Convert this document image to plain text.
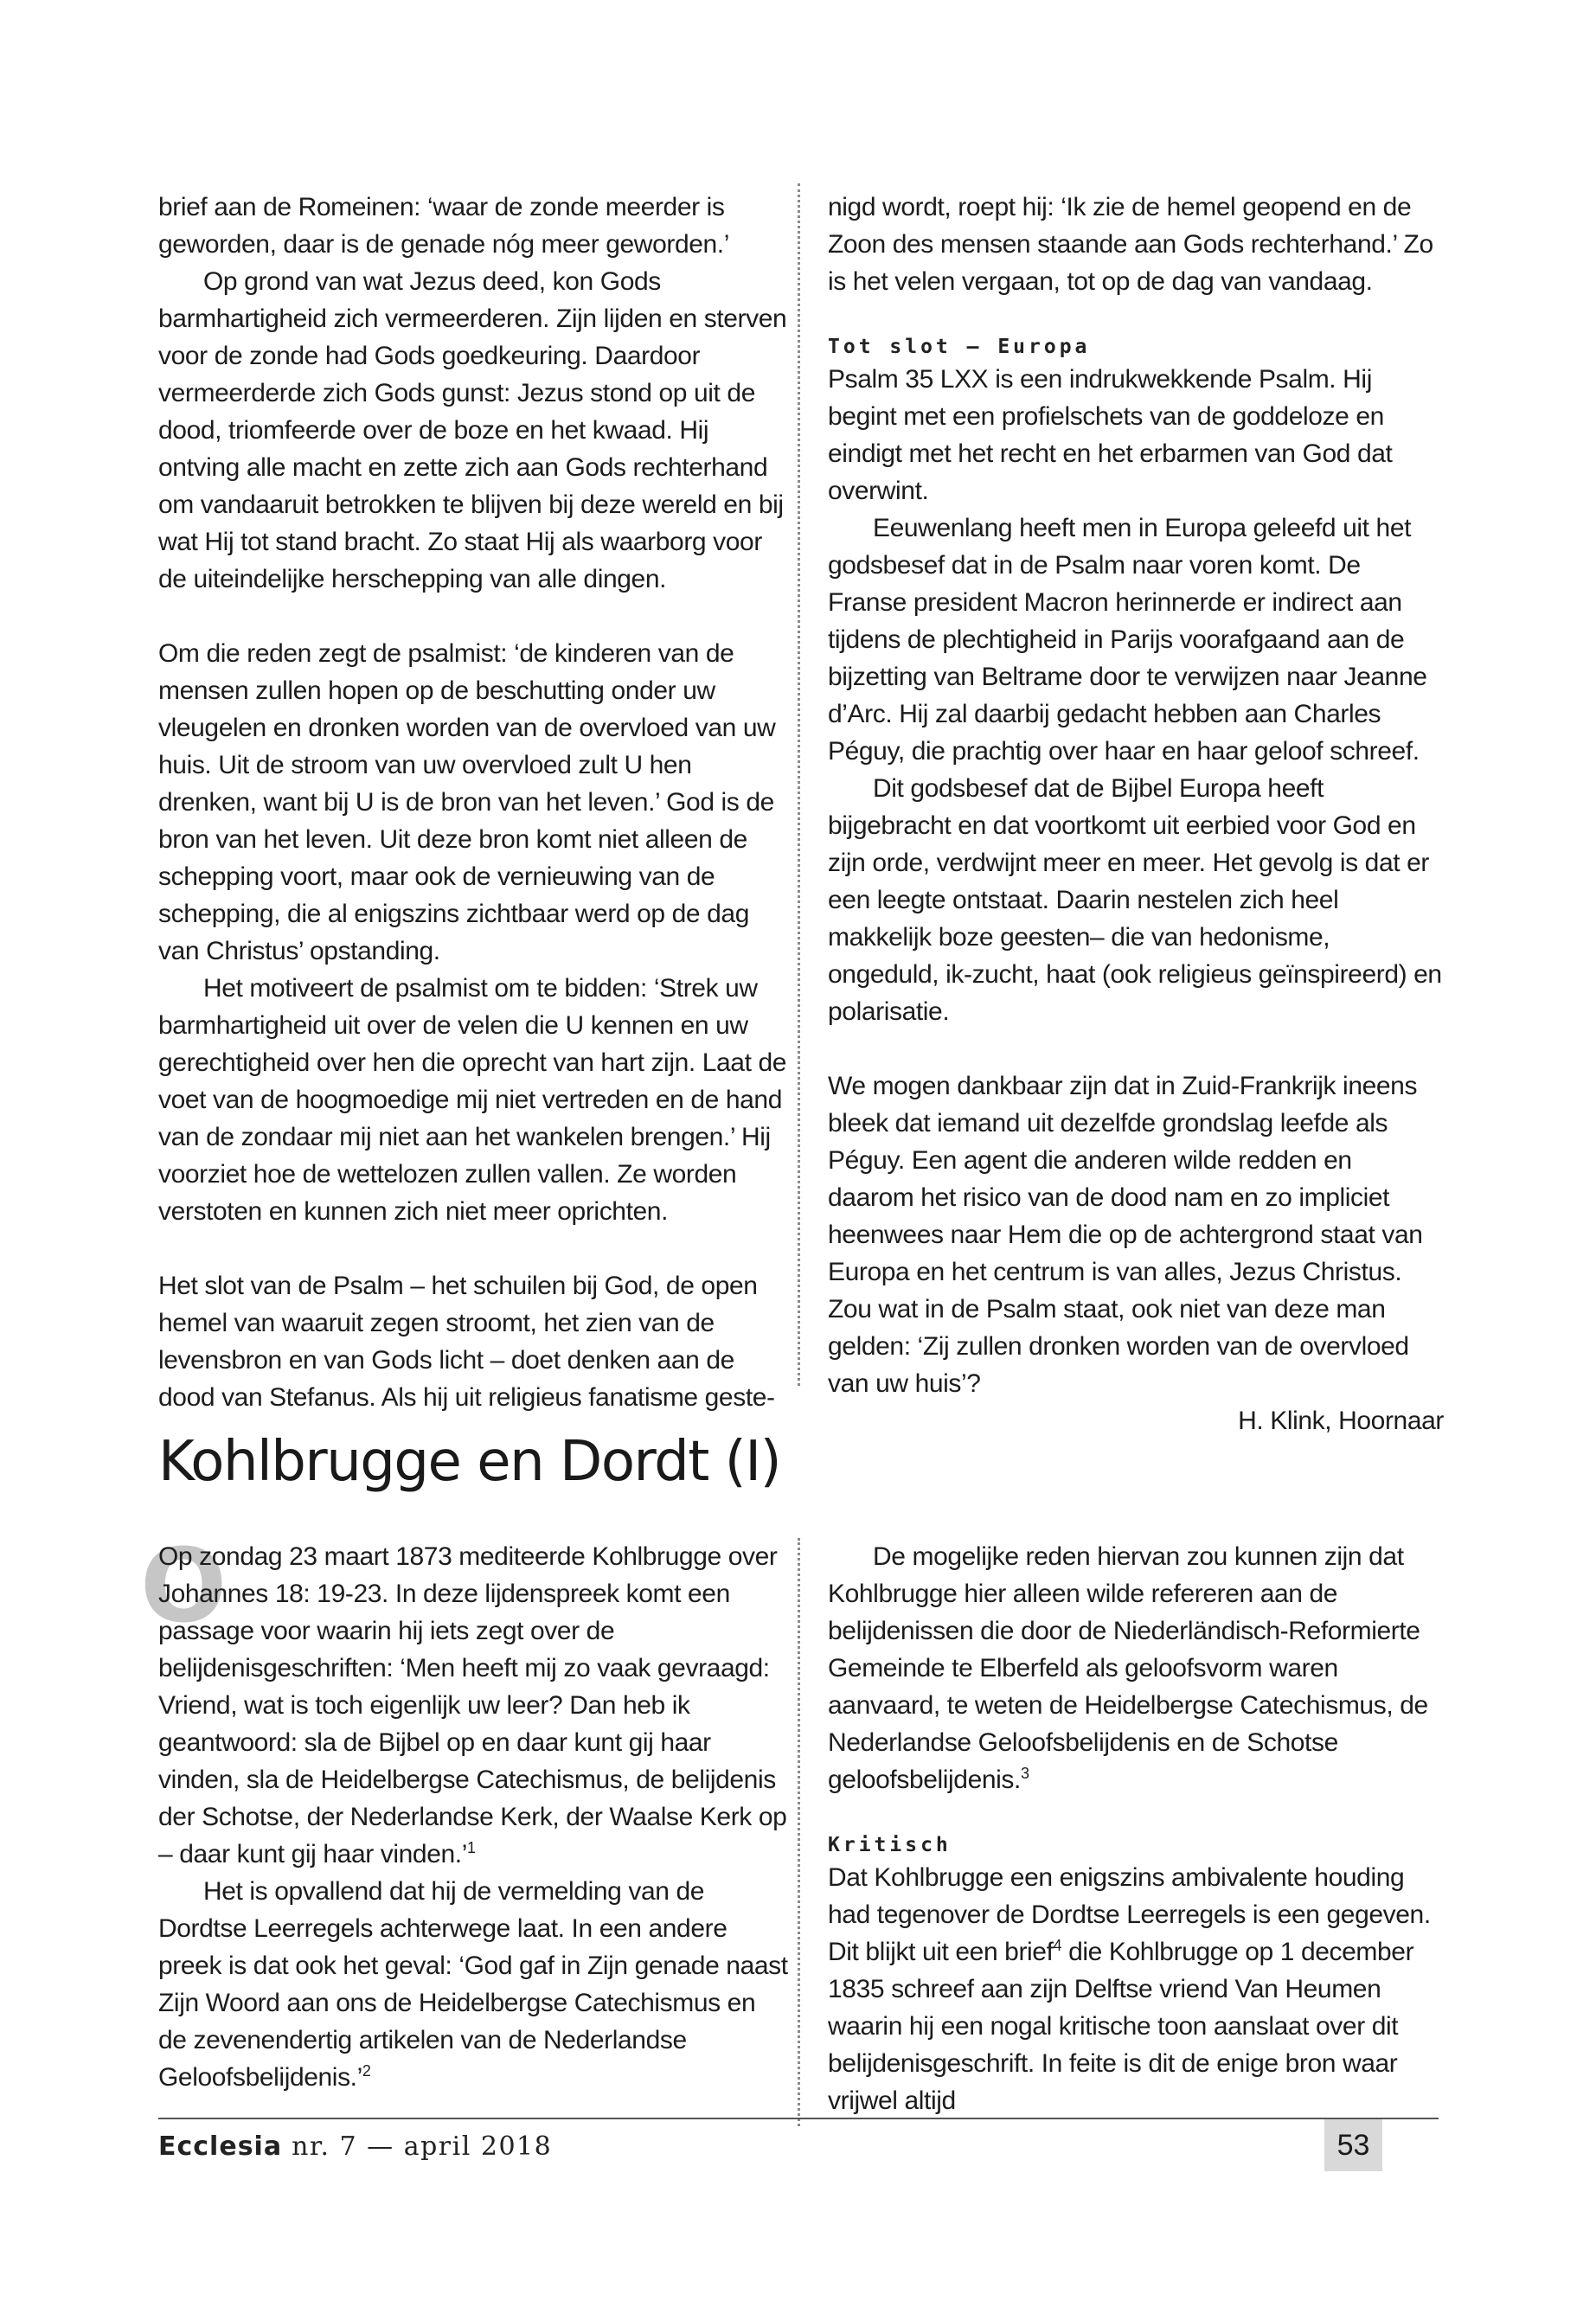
brief aan de Romeinen: ‘waar de zonde meerder is geworden, daar is de genade nóg meer geworden.’

Op grond van wat Jezus deed, kon Gods barmhartigheid zich vermeerderen. Zijn lijden en sterven voor de zonde had Gods goedkeuring. Daardoor vermeerderde zich Gods gunst: Jezus stond op uit de dood, triomfeerde over de boze en het kwaad. Hij ontving alle macht en zette zich aan Gods rechterhand om vandaaruit betrokken te blijven bij deze wereld en bij wat Hij tot stand bracht. Zo staat Hij als waarborg voor de uiteindelijke herschepping van alle dingen.

Om die reden zegt de psalmist: ‘de kinderen van de mensen zullen hopen op de beschutting onder uw vleugelen en dronken worden van de overvloed van uw huis. Uit de stroom van uw overvloed zult U hen drenken, want bij U is de bron van het leven.’ God is de bron van het leven. Uit deze bron komt niet alleen de schepping voort, maar ook de vernieuwing van de schepping, die al enigszins zichtbaar werd op de dag van Christus’ opstanding.

Het motiveert de psalmist om te bidden: ‘Strek uw barmhartigheid uit over de velen die U kennen en uw gerechtigheid over hen die oprecht van hart zijn. Laat de voet van de hoogmoedige mij niet vertreden en de hand van de zondaar mij niet aan het wankelen brengen.’ Hij voorziet hoe de wettelozen zullen vallen. Ze worden verstoten en kunnen zich niet meer oprichten.

Het slot van de Psalm – het schuilen bij God, de open hemel van waaruit zegen stroomt, het zien van de levensbron en van Gods licht – doet denken aan de dood van Stefanus. Als hij uit religieus fanatisme geste-

nigd wordt, roept hij: ‘Ik zie de hemel geopend en de Zoon des mensen staande aan Gods rechterhand.’ Zo is het velen vergaan, tot op de dag van vandaag.

Tot slot – Europa

Psalm 35 LXX is een indrukwekkende Psalm. Hij begint met een profielschets van de goddeloze en eindigt met het recht en het erbarmen van God dat overwint.

Eeuwenlang heeft men in Europa geleefd uit het godsbesef dat in de Psalm naar voren komt. De Franse president Macron herinnerde er indirect aan tijdens de plechtigheid in Parijs voorafgaand aan de bijzetting van Beltrame door te verwijzen naar Jeanne d’Arc. Hij zal daarbij gedacht hebben aan Charles Péguy, die prachtig over haar en haar geloof schreef.

Dit godsbesef dat de Bijbel Europa heeft bijgebracht en dat voortkomt uit eerbied voor God en zijn orde, verdwijnt meer en meer. Het gevolg is dat er een leegte ontstaat. Daarin nestelen zich heel makkelijk boze geesten– die van hedonisme, ongeduld, ik-zucht, haat (ook religieus geïnspireerd) en polarisatie.

We mogen dankbaar zijn dat in Zuid-Frankrijk ineens bleek dat iemand uit dezelfde grondslag leefde als Péguy. Een agent die anderen wilde redden en daarom het risico van de dood nam en zo impliciet heenwees naar Hem die op de achtergrond staat van Europa en het centrum is van alles, Jezus Christus. Zou wat in de Psalm staat, ook niet van deze man gelden: ‘Zij zullen dronken worden van de overvloed van uw huis’?

H. Klink, Hoornaar

Kohlbrugge en Dordt (I)
O

Op zondag 23 maart 1873 mediteerde Kohlbrugge over Johannes 18: 19-23. In deze lijdenspreek komt een passage voor waarin hij iets zegt over de belijdenisgeschriften: ‘Men heeft mij zo vaak gevraagd: Vriend, wat is toch eigenlijk uw leer? Dan heb ik geantwoord: sla de Bijbel op en daar kunt gij haar vinden, sla de Heidelbergse Catechismus, de belijdenis der Schotse, der Nederlandse Kerk, der Waalse Kerk op – daar kunt gij haar vinden.’$^1$

Het is opvallend dat hij de vermelding van de Dordtse Leerregels achterwege laat. In een andere preek is dat ook het geval: ‘God gaf in Zijn genade naast Zijn Woord aan ons de Heidelbergse Catechismus en de zevenendertig artikelen van de Nederlandse Geloofsbelijdenis.’$^2$

De mogelijke reden hiervan zou kunnen zijn dat Kohlbrugge hier alleen wilde refereren aan de belijdenissen die door de Niederländisch-Reformierte Gemeinde te Elberfeld als geloofsvorm waren aanvaard, te weten de Heidelbergse Catechismus, de Nederlandse Geloofsbelijdenis en de Schotse geloofsbelijdenis.$^3$

Kritisch

Dat Kohlbrugge een enigszins ambivalente houding had tegenover de Dordtse Leerregels is een gegeven. Dit blijkt uit een brief$^4$ die Kohlbrugge op 1 december 1835 schreef aan zijn Delftse vriend Van Heumen waarin hij een nogal kritische toon aanslaat over dit belijdenisgeschrift. In feite is dit de enige bron waar vrijwel altijd

Ecclesia nr. 7 — april 2018	53
